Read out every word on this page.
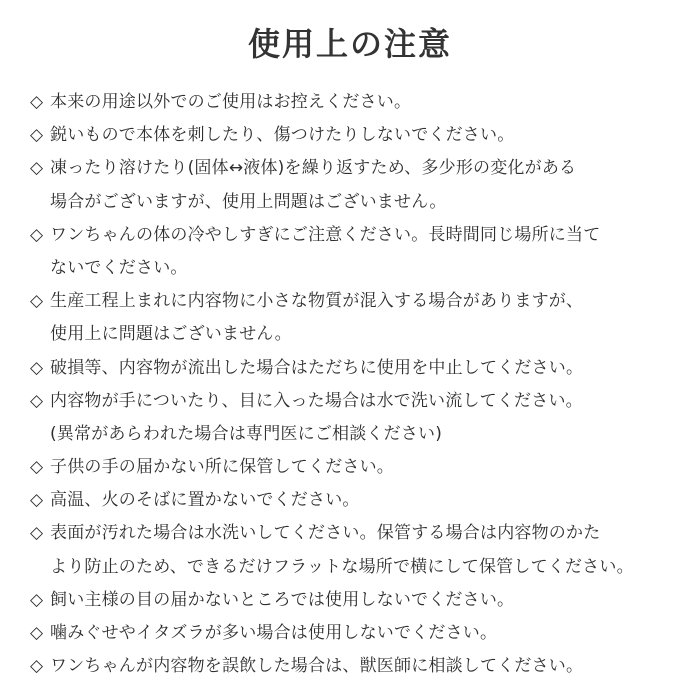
使用上の注意
◇ 本来の用途以外でのご使用はお控えください。
◇ 鋭いもので本体を刺したり、傷つけたりしないでください。
◇ 凍ったり溶けたり(固体↔液体)を繰り返すため、多少形の変化がある
場合がございますが、使用上問題はございません。
◇ ワンちゃんの体の冷やしすぎにご注意ください。長時間同じ場所に当て
ないでください。
◇ 生産工程上まれに内容物に小さな物質が混入する場合がありますが、
使用上に問題はございません。
◇ 破損等、内容物が流出した場合はただちに使用を中止してください。
◇ 内容物が手についたり、目に入った場合は水で洗い流してください。
(異常があらわれた場合は専門医にご相談ください)
◇ 子供の手の届かない所に保管してください。
◇ 高温、火のそばに置かないでください。
◇ 表面が汚れた場合は水洗いしてください。保管する場合は内容物のかた
より防止のため、できるだけフラットな場所で横にして保管してください。
◇ 飼い主様の目の届かないところでは使用しないでください。
◇ 噛みぐせやイタズラが多い場合は使用しないでください。
◇ ワンちゃんが内容物を誤飲した場合は、獣医師に相談してください。
